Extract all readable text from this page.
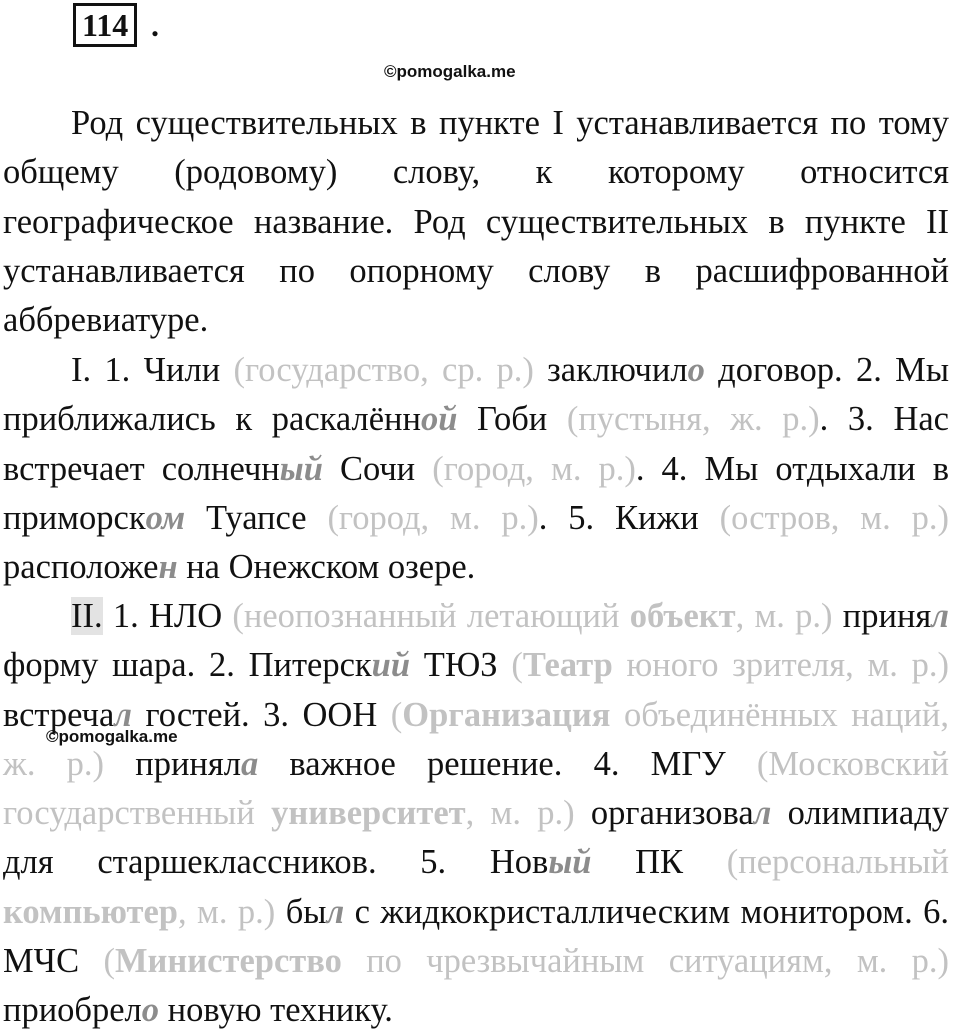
114 .
©pomogalka.me
Род существительных в пункте I устанавливается по тому общему (родовому) слову, к которому относится географическое название. Род существительных в пункте II устанавливается по опорному слову в расшифрованной аббревиатуре.
I. 1. Чили (государство, ср. р.) заключило договор. 2. Мы приближались к раскалённой Гоби (пустыня, ж. р.). 3. Нас встречает солнечный Сочи (город, м. р.). 4. Мы отдыхали в приморском Туапсе (город, м. р.). 5. Кижи (остров, м. р.) расположен на Онежском озере.
II. 1. НЛО (неопознанный летающий объект, м. р.) принял форму шара. 2. Питерский ТЮЗ (Театр юного зрителя, м. р.) встречал гостей. 3. ООН (Организация объединённых наций, ж. р.) приняла важное решение. 4. МГУ (Московский государственный университет, м. р.) организовал олимпиаду для старшеклассников. 5. Новый ПК (персональный компьютер, м. р.) был с жидкокристаллическим монитором. 6. МЧС (Министерство по чрезвычайным ситуациям, м. р.) приобрело новую технику.
©pomogalka.me
